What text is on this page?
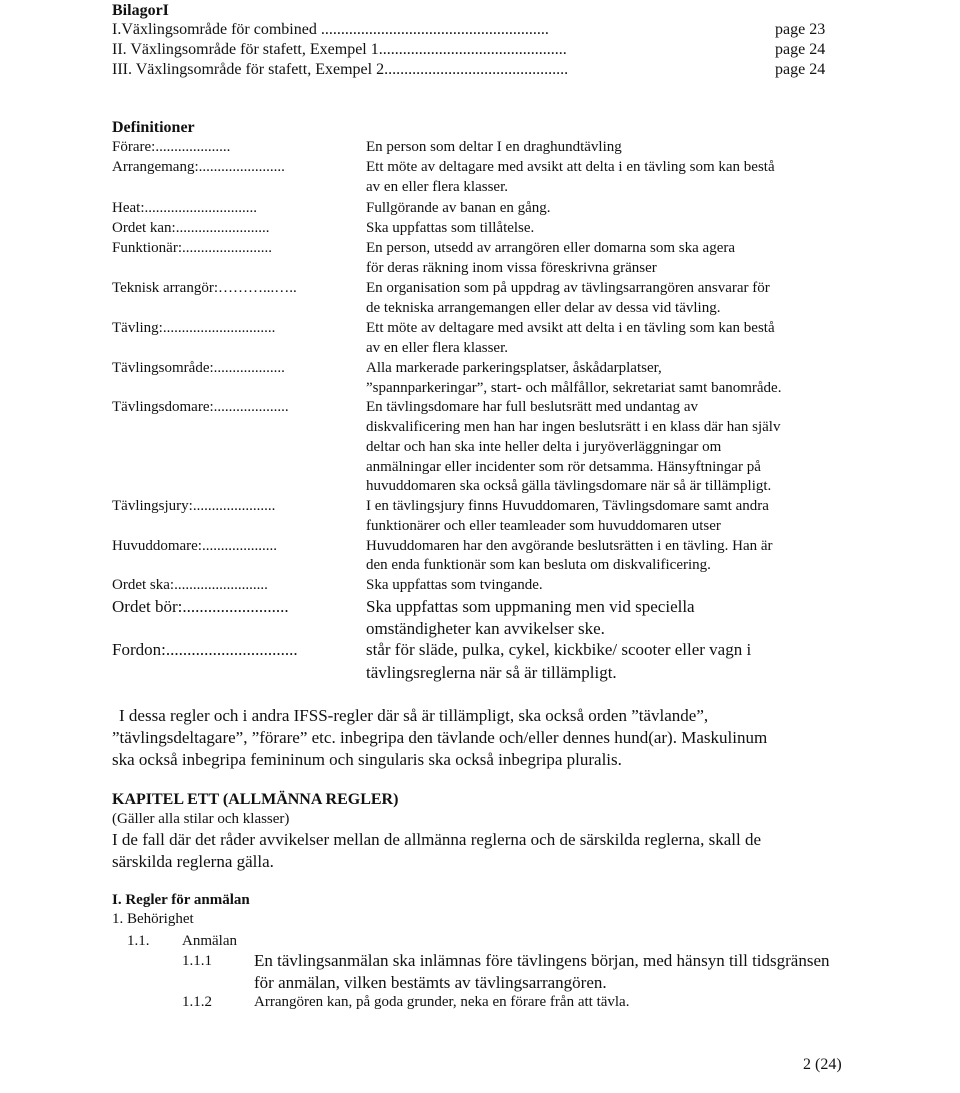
BilagorI
I.Växlingsområde för combined .........................................................	page 23
II. Växlingsområde för stafett, Exempel 1...............................................	page 24
III. Växlingsområde för stafett, Exempel 2..............................................	page 24
Definitioner
Förare:....................	En person som deltar I en draghundtävling
Arrangemang:.......................	Ett möte av deltagare med avsikt att delta i en tävling som kan bestå
av en eller flera klasser.
Heat:..............................	Fullgörande av banan en gång.
Ordet kan:.........................	Ska uppfattas som tillåtelse.
Funktionär:........................	En person, utsedd av arrangören eller domarna som ska agera
för deras räkning inom vissa föreskrivna gränser
Teknisk arrangör:………...…..	En organisation som på uppdrag av tävlingsarrangören ansvarar för
de tekniska arrangemangen eller delar av dessa vid tävling.
Tävling:..............................	Ett möte av deltagare med avsikt att delta i en tävling som kan bestå
av en eller flera klasser.
Tävlingsområde:...................	Alla markerade parkeringsplatser, åskådarplatser,
”spannparkeringar”, start- och målfållor, sekretariat samt banområde.
Tävlingsdomare:....................	En tävlingsdomare har full beslutsrätt med undantag av
diskvalificering men han har ingen beslutsrätt i en klass där han själv
deltar och han ska inte heller delta i juryöverläggningar om
anmälningar eller incidenter som rör detsamma. Hänsyftningar på
huvuddomaren ska också gälla tävlingsdomare när så är tillämpligt.
Tävlingsjury:......................	I en tävlingsjury finns Huvuddomaren, Tävlingsdomare samt andra
funktionärer och eller teamleader som huvuddomaren utser
Huvuddomare:....................	Huvuddomaren har den avgörande beslutsrätten i en tävling. Han är
den enda funktionär som kan besluta om diskvalificering.
Ordet ska:.........................	Ska uppfattas som tvingande.
Ordet bör:.........................	Ska uppfattas som uppmaning men vid speciella
omständigheter kan avvikelser ske.
Fordon:...............................	står för släde, pulka, cykel, kickbike/ scooter eller vagn i
tävlingsreglerna när så är tillämpligt.
I dessa regler och i andra IFSS-regler där så är tillämpligt, ska också orden ”tävlande”,
”tävlingsdeltagare”, ”förare” etc. inbegripa den tävlande och/eller dennes hund(ar). Maskulinum
ska också inbegripa femininum och singularis ska också inbegripa pluralis.
KAPITEL ETT (ALLMÄNNA REGLER)
(Gäller alla stilar och klasser)
I de fall där det råder avvikelser mellan de allmänna reglerna och de särskilda reglerna, skall de
särskilda reglerna gälla.
I. Regler för anmälan
1. Behörighet
1.1. Anmälan
1.1.1 En tävlingsanmälan ska inlämnas före tävlingens början, med hänsyn till tidsgränsen
för anmälan, vilken bestämts av tävlingsarrangören.
1.1.2	Arrangören kan, på goda grunder, neka en förare från att tävla.
2 (24)
